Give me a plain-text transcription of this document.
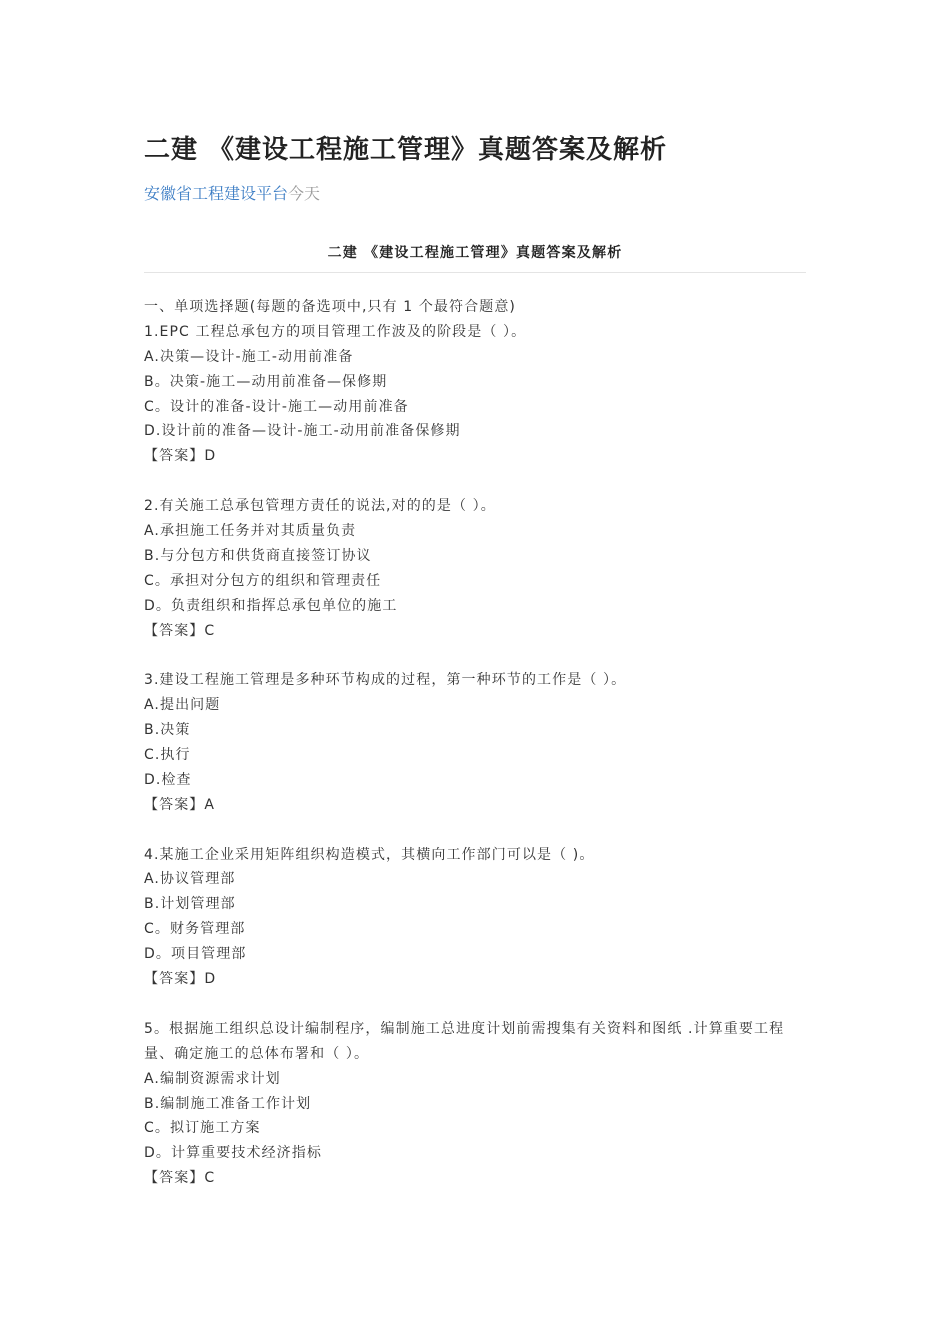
二建 《建设工程施工管理》真题答案及解析
安徽省工程建设平台今天
二建 《建设工程施工管理》真题答案及解析
一、单项选择题(每题的备选项中,只有 1 个最符合题意)
1.EPC 工程总承包方的项目管理工作波及的阶段是（ ）。
A.决策—设计-施工-动用前准备
B。决策-施工—动用前准备—保修期
C。设计的准备-设计-施工—动用前准备
D.设计前的准备—设计-施工-动用前准备保修期
【答案】D
2.有关施工总承包管理方责任的说法,对的的是（ ）。
A.承担施工任务并对其质量负责
B.与分包方和供货商直接签订协议
C。承担对分包方的组织和管理责任
D。负责组织和指挥总承包单位的施工
【答案】C
3.建设工程施工管理是多种环节构成的过程，第一种环节的工作是（ ）。
A.提出问题
B.决策
C.执行
D.检查
【答案】A
4.某施工企业采用矩阵组织构造模式，其横向工作部门可以是（ )。
A.协议管理部
B.计划管理部
C。财务管理部
D。项目管理部
【答案】D
5。根据施工组织总设计编制程序，编制施工总进度计划前需搜集有关资料和图纸 .计算重要工程量、确定施工的总体布署和（ ）。
A.编制资源需求计划
B.编制施工准备工作计划
C。拟订施工方案
D。计算重要技术经济指标
【答案】C
